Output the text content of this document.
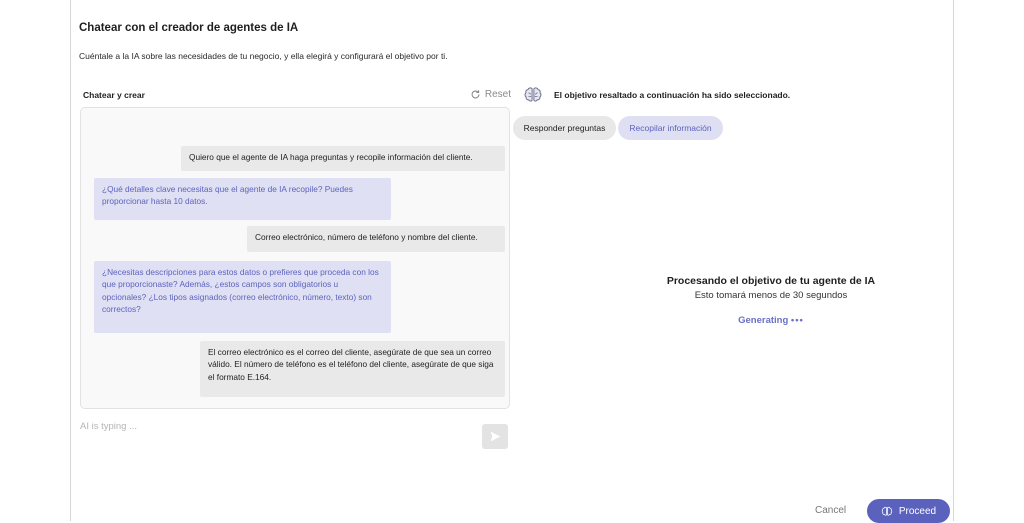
Chatear con el creador de agentes de IA
Cuéntale a la IA sobre las necesidades de tu negocio, y ella elegirá y configurará el objetivo por ti.
Chatear y crear	Reset
Quiero que el agente de IA haga preguntas y recopile información del cliente.
¿Qué detalles clave necesitas que el agente de IA recopile? Puedes proporcionar hasta 10 datos.
Correo electrónico, número de teléfono y nombre del cliente.
¿Necesitas descripciones para estos datos o prefieres que proceda con los que proporcionaste? Además, ¿estos campos son obligatorios u opcionales? ¿Los tipos asignados (correo electrónico, número, texto) son correctos?
El correo electrónico es el correo del cliente, asegúrate de que sea un correo válido. El número de teléfono es el teléfono del cliente, asegúrate de que siga el formato E.164.
AI is typing ...
El objetivo resaltado a continuación ha sido seleccionado.
Responder preguntas	Recopilar información
Procesando el objetivo de tu agente de IA
Esto tomará menos de 30 segundos
Generating •••
Cancel	Proceed
